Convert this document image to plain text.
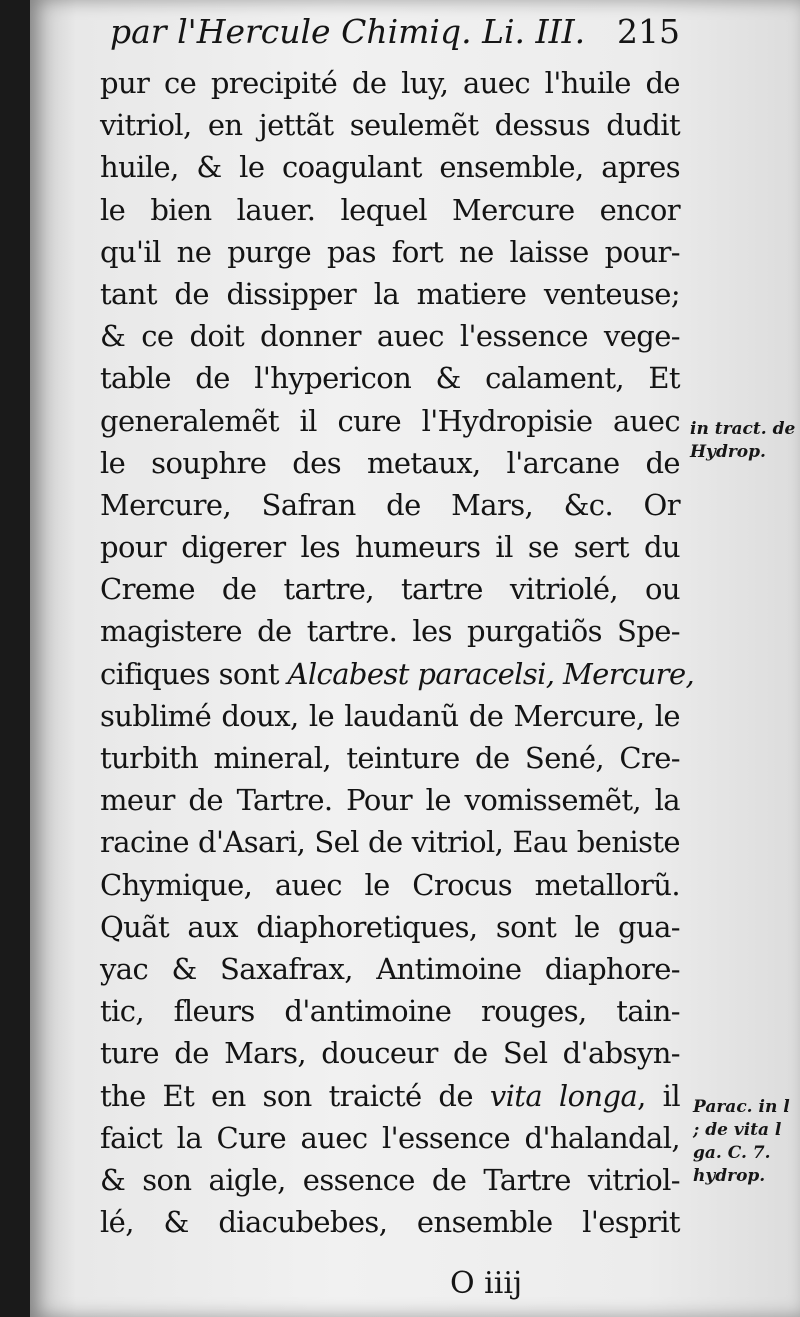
par l'Hercule Chimiq. Li. III. 215
pur ce precipité de luy, auec l'huile de
vitriol, en jettãt seulemẽt dessus dudit
huile, & le coagulant ensemble, apres
le bien lauer. lequel Mercure encor
qu'il ne purge pas fort ne laisse pour-
tant de dissipper la matiere venteuse;
& ce doit donner auec l'essence vege-
table de l'hypericon & calament, Et
generalemẽt il cure l'Hydropisie auec
le souphre des metaux, l'arcane de
Mercure, Safran de Mars, &c. Or
pour digerer les humeurs il se sert du
Creme de tartre, tartre vitriolé, ou
magistere de tartre. les purgatiõs Spe-
cifiques sont Alcabest paracelsi, Mercure,
sublimé doux, le laudanũ de Mercure, le
turbith mineral, teinture de Sené, Cre-
meur de Tartre. Pour le vomissemẽt, la
racine d'Asari, Sel de vitriol, Eau beniste
Chymique, auec le Crocus metallorũ.
Quãt aux diaphoretiques, sont le gua-
yac & Saxafrax, Antimoine diaphore-
tic, fleurs d'antimoine rouges, tain-
ture de Mars, douceur de Sel d'absyn-
the Et en son traicté de vita longa, il
faict la Cure auec l'essence d'halandal,
& son aigle, essence de Tartre vitriol-
lé, & diacubebes, ensemble l'esprit
in tract. de
Hydrop.
Parac. in l
; de vita l
ga. C. 7.
hydrop.
O iiij
